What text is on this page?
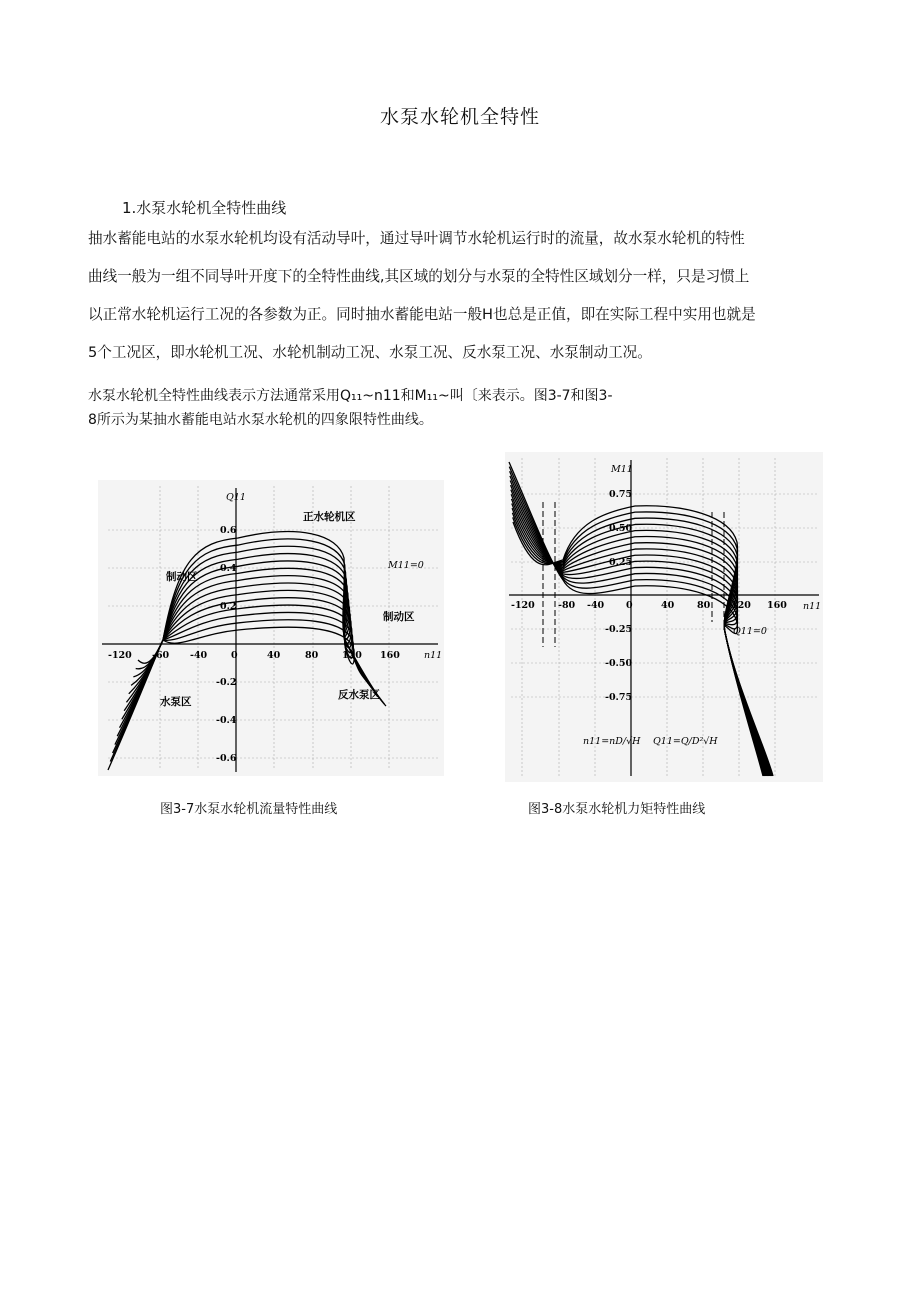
水泵水轮机全特性
1.水泵水轮机全特性曲线
抽水蓄能电站的水泵水轮机均设有活动导叶，通过导叶调节水轮机运行时的流量，故水泵水轮机的特性
曲线一般为一组不同导叶开度下的全特性曲线,其区域的划分与水泵的全特性区域划分一样，只是习惯上
以正常水轮机运行工况的各参数为正。同时抽水蓄能电站一般H也总是正值，即在实际工程中实用也就是
5个工况区，即水轮机工况、水轮机制动工况、水泵工况、反水泵工况、水泵制动工况。
水泵水轮机全特性曲线表示方法通常采用Q₁₁~n11和M₁₁~叫〔来表示。图3-7和图3-
8所示为某抽水蓄能电站水泵水轮机的四象限特性曲线。
Q11
n11
0.6
0.4
0.2
-0.2
-0.4
-0.6
-120 -60 -40	0	40	80	120 160
正水轮机区
制动区
制动区
水泵区
反水泵区
M11=0
M11
n11
0.75
0.50
0.25
-0.25
-0.50
-0.75
-120 -80 -40 0	40 80 120 160
Q11=0
n11=nD/√H Q11=Q/D²√H
图3-7水泵水轮机流量特性曲线	图3-8水泵水轮机力矩特性曲线
